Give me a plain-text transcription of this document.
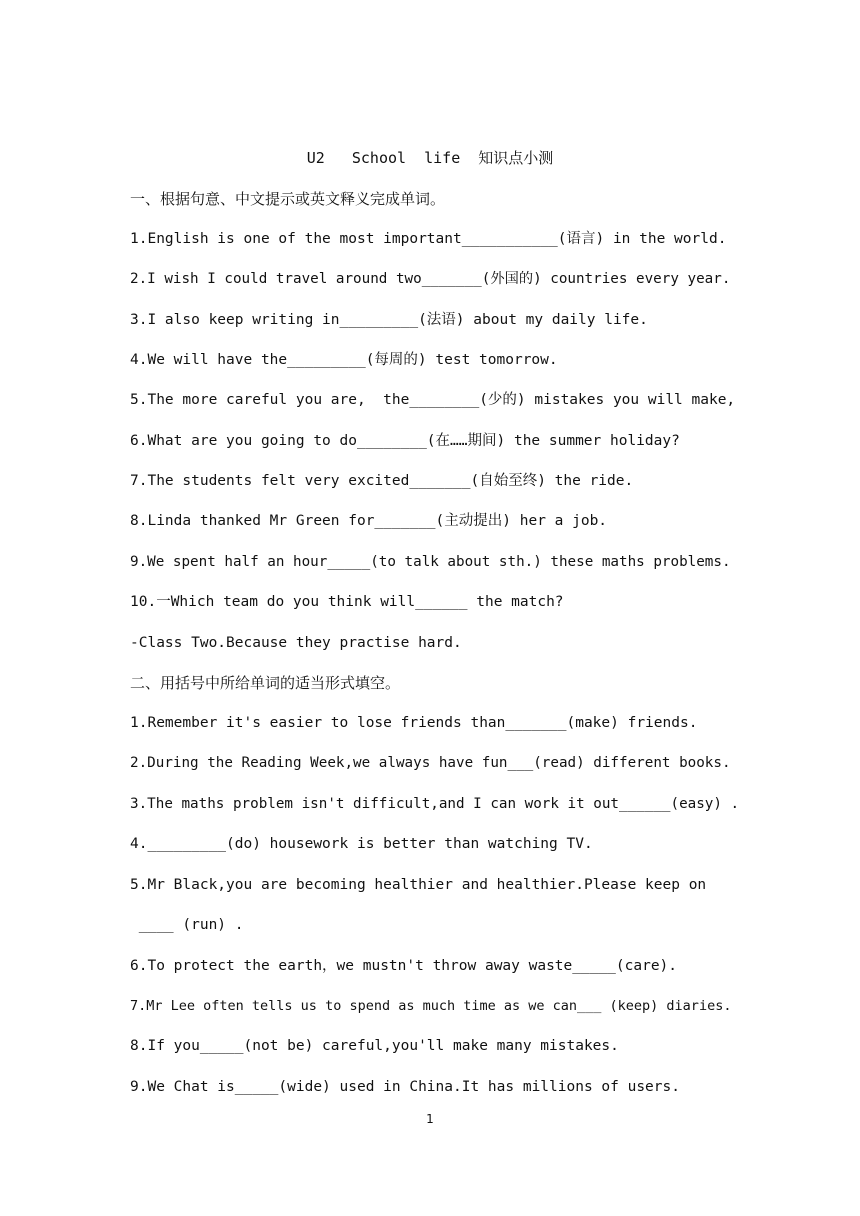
U2   School  life  知识点小测
一、根据句意、中文提示或英文释义完成单词。
1.English is one of the most important___________(语言) in the world.
2.I wish I could travel around two_______(外国的) countries every year.
3.I also keep writing in_________(法语) about my daily life.
4.We will have the_________(每周的) test tomorrow.
5.The more careful you are,  the________(少的) mistakes you will make,
6.What are you going to do________(在……期间) the summer holiday?
7.The students felt very excited_______(自始至终) the ride.
8.Linda thanked Mr Green for_______(主动提出) her a job.
9.We spent half an hour_____(to talk about sth.) these maths problems.
10.一Which team do you think will______ the match?
-Class Two.Because they practise hard.
二、用括号中所给单词的适当形式填空。
1.Remember it's easier to lose friends than_______(make) friends.
2.During the Reading Week,we always have fun___(read) different books.
3.The maths problem isn't difficult,and I can work it out______(easy) .
4._________(do) housework is better than watching TV.
5.Mr Black,you are becoming healthier and healthier.Please keep on
____ (run) .
6.To protect the earth，we mustn't throw away waste_____(care).
7.Mr Lee often tells us to spend as much time as we can___ (keep) diaries.
8.If you_____(not be) careful,you'll make many mistakes.
9.We Chat is_____(wide) used in China.It has millions of users.
1
